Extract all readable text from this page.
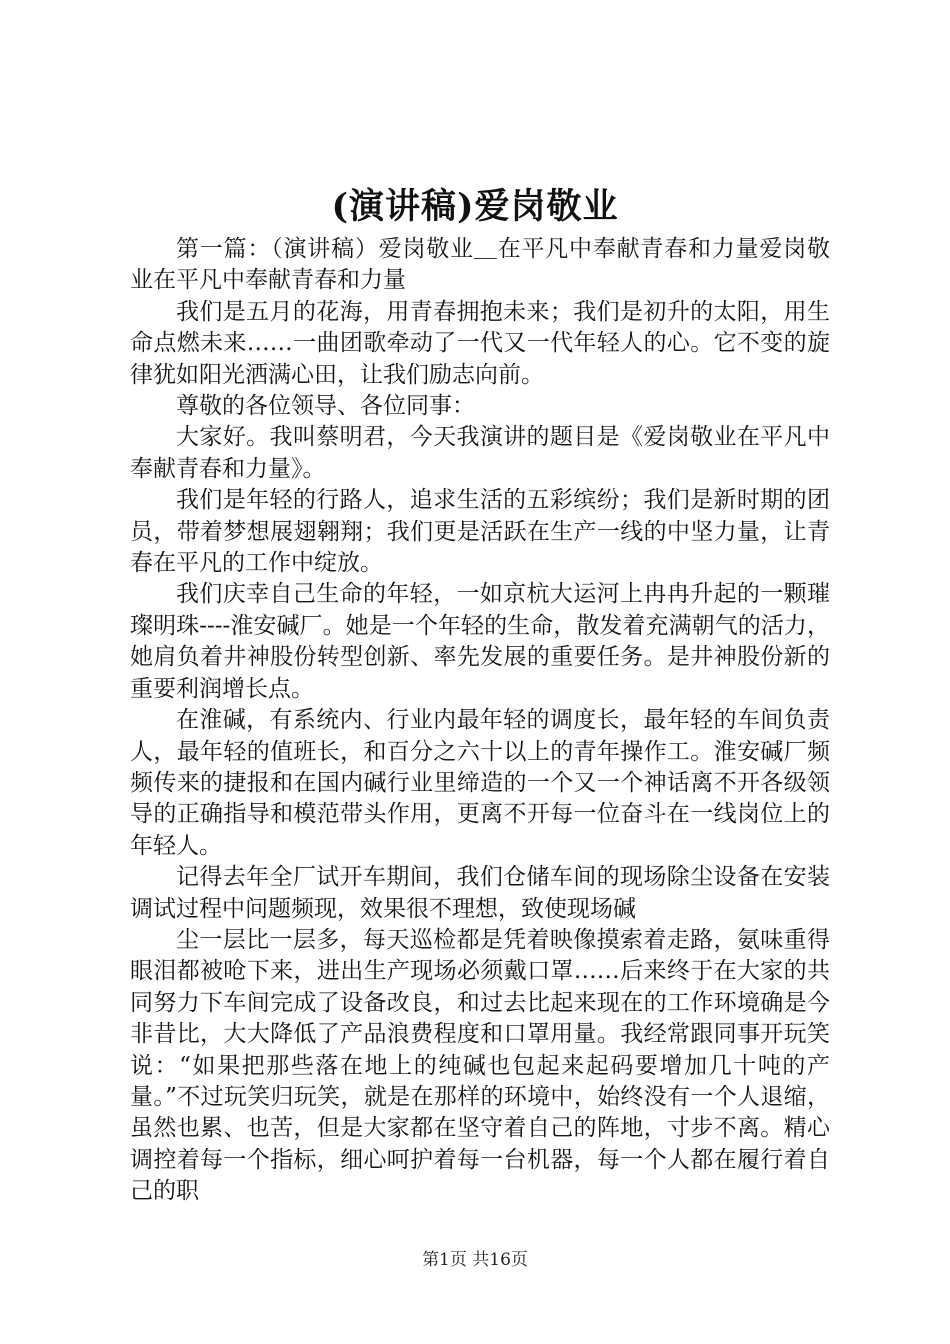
(演讲稿)爱岗敬业

第一篇：（演讲稿）爱岗敬业＿在平凡中奉献青春和力量爱岗敬业在平凡中奉献青春和力量

我们是五月的花海，用青春拥抱未来；我们是初升的太阳，用生命点燃未来……一曲团歌牵动了一代又一代年轻人的心。它不变的旋律犹如阳光洒满心田，让我们励志向前。

尊敬的各位领导、各位同事：

大家好。我叫蔡明君，今天我演讲的题目是《爱岗敬业在平凡中奉献青春和力量》。

我们是年轻的行路人，追求生活的五彩缤纷；我们是新时期的团员，带着梦想展翅翱翔；我们更是活跃在生产一线的中坚力量，让青春在平凡的工作中绽放。

我们庆幸自己生命的年轻，一如京杭大运河上冉冉升起的一颗璀璨明珠----淮安碱厂。她是一个年轻的生命，散发着充满朝气的活力，她肩负着井神股份转型创新、率先发展的重要任务。是井神股份新的重要利润增长点。

在淮碱，有系统内、行业内最年轻的调度长，最年轻的车间负责人，最年轻的值班长，和百分之六十以上的青年操作工。淮安碱厂频频传来的捷报和在国内碱行业里缔造的一个又一个神话离不开各级领导的正确指导和模范带头作用，更离不开每一位奋斗在一线岗位上的年轻人。

记得去年全厂试开车期间，我们仓储车间的现场除尘设备在安装调试过程中问题频现，效果很不理想，致使现场碱

尘一层比一层多，每天巡检都是凭着映像摸索着走路，氨味重得眼泪都被呛下来，进出生产现场必须戴口罩……后来终于在大家的共同努力下车间完成了设备改良，和过去比起来现在的工作环境确是今非昔比，大大降低了产品浪费程度和口罩用量。我经常跟同事开玩笑说：“如果把那些落在地上的纯碱也包起来起码要增加几十吨的产量。”不过玩笑归玩笑，就是在那样的环境中，始终没有一个人退缩，虽然也累、也苦，但是大家都在坚守着自己的阵地，寸步不离。精心调控着每一个指标，细心呵护着每一台机器，每一个人都在履行着自己的职

第1页 共16页
